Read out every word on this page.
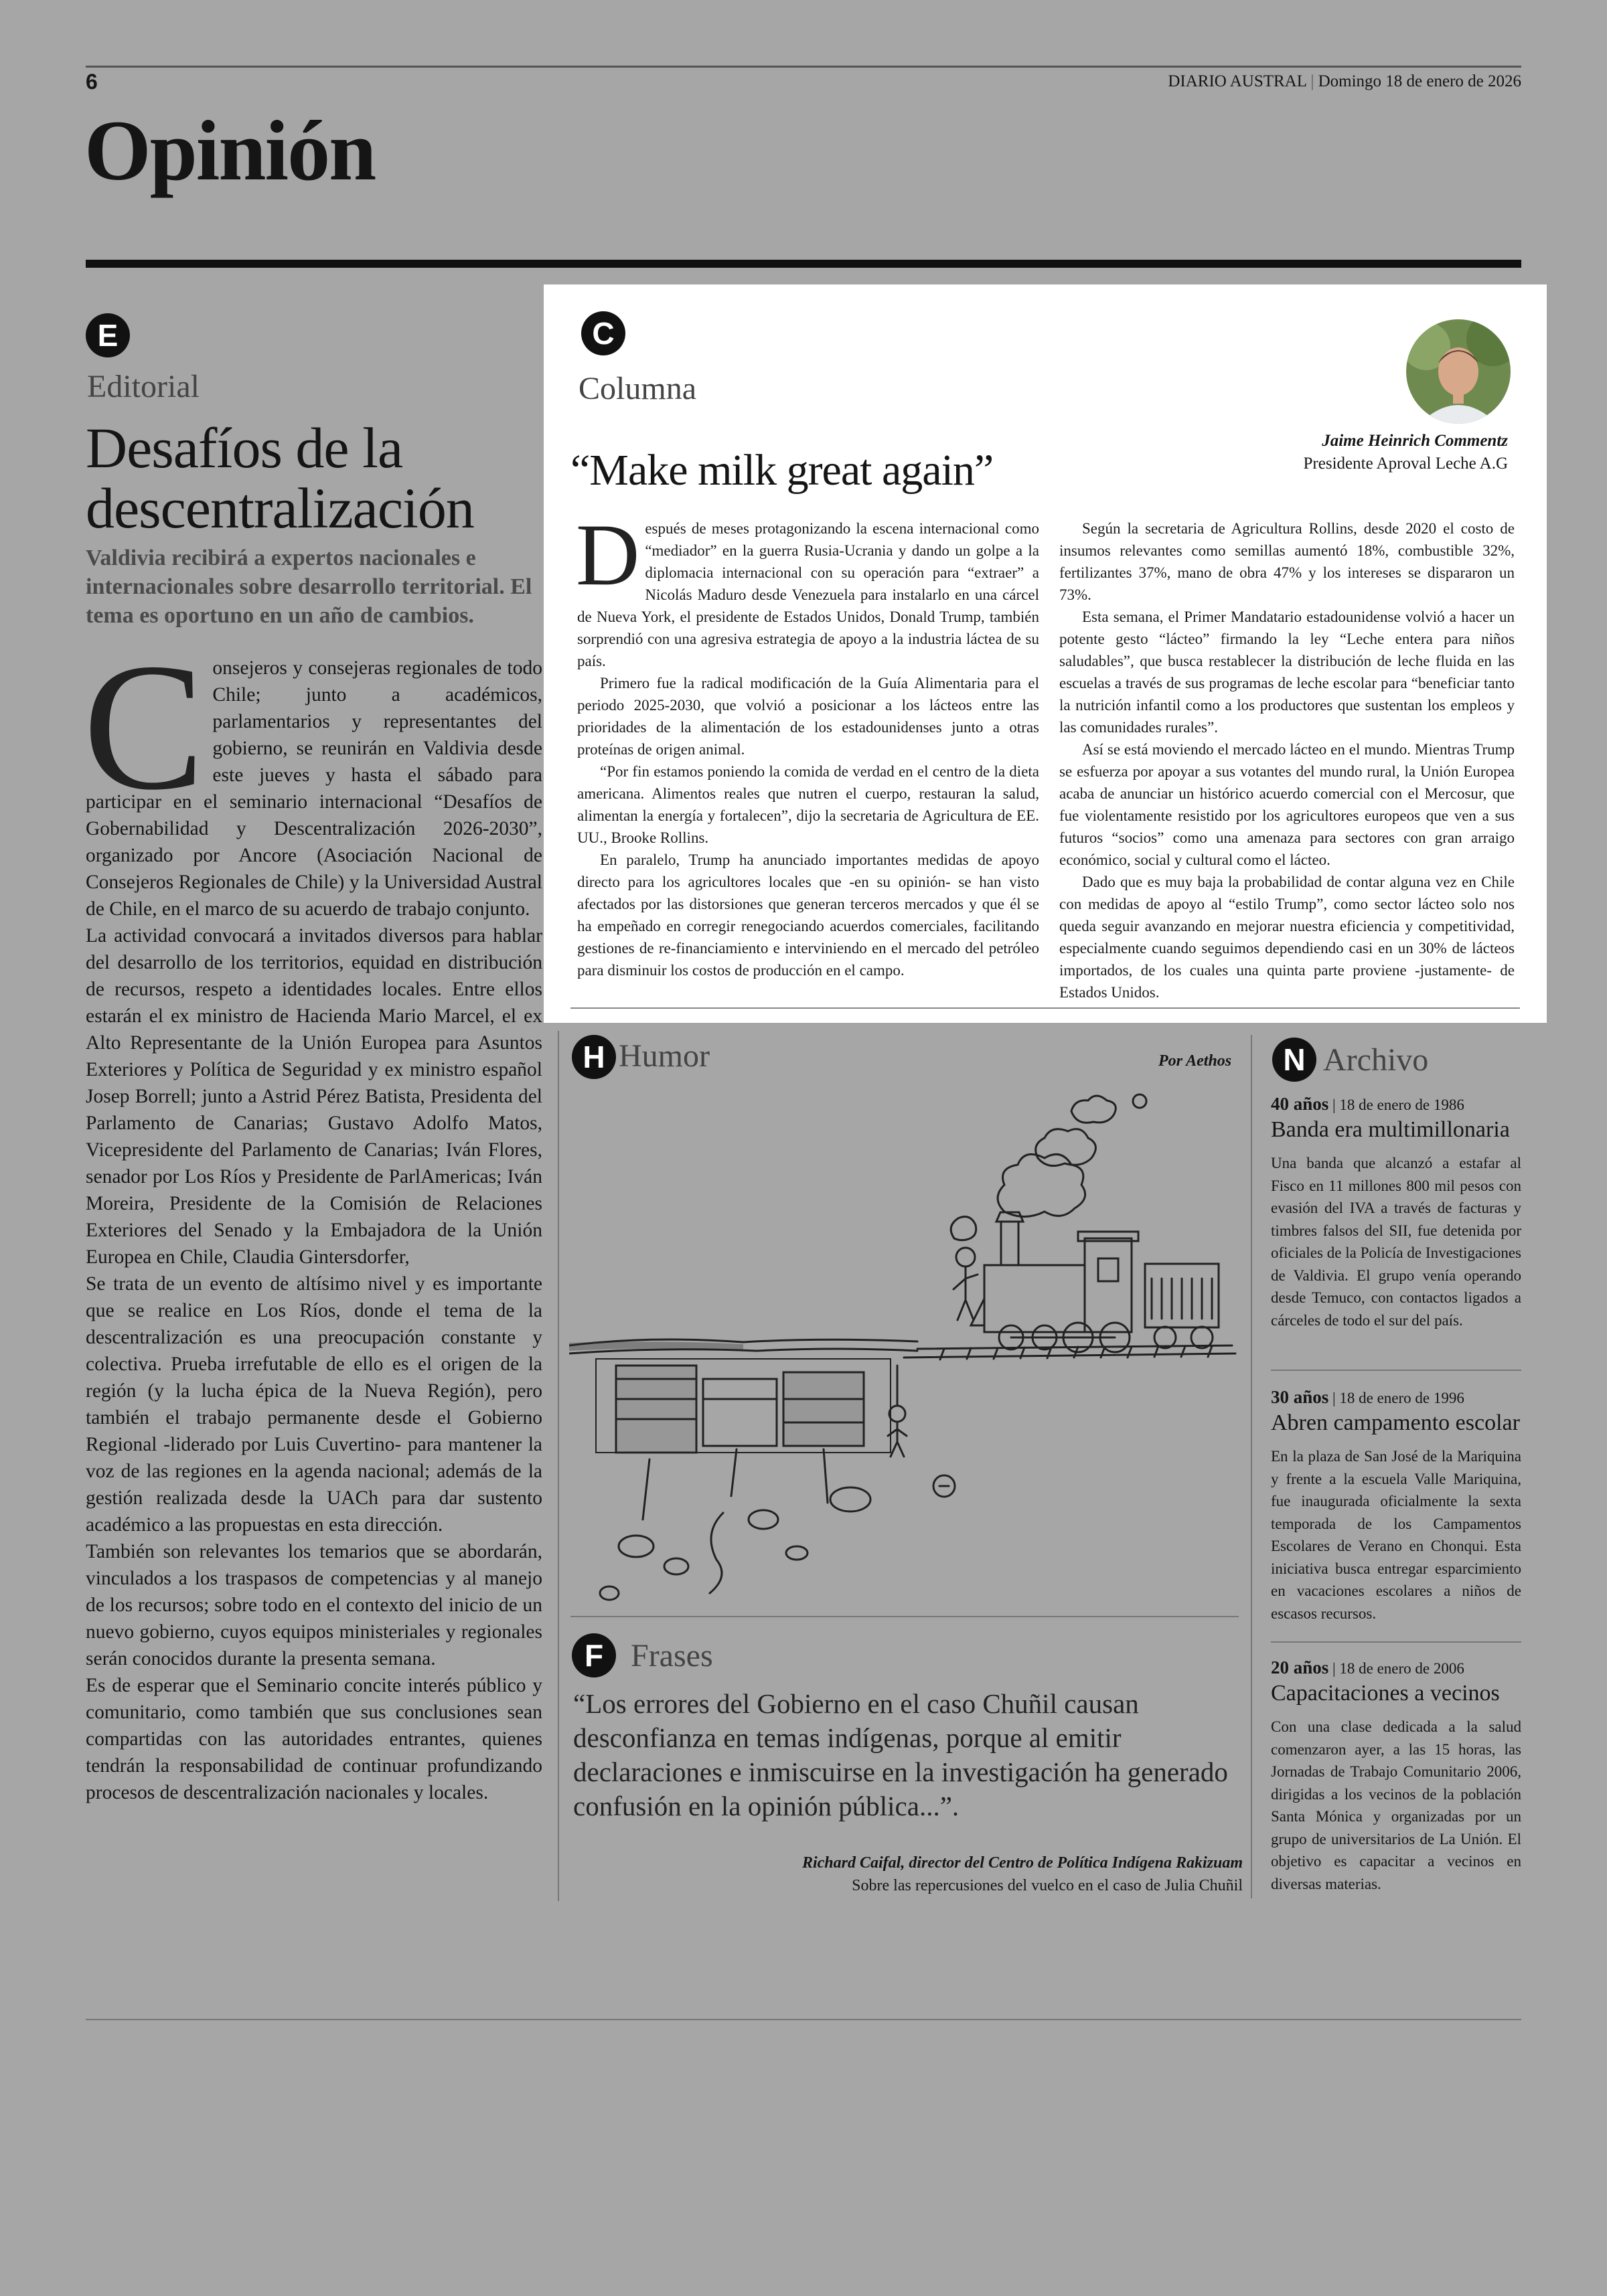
6	DIARIO AUSTRAL | Domingo 18 de enero de 2026
Opinión
E
Editorial
Desafíos de la
descentralización
Valdivia recibirá a expertos nacionales e internacionales sobre desarrollo territorial. El tema es oportuno en un año de cambios.
C onsejeros y consejeras regionales de todo Chile; junto a académicos, parlamentarios y representantes del gobierno, se reunirán en Valdivia desde este jueves y hasta el sábado para participar en el seminario internacional “Desafíos de Gobernabilidad y Descentralización 2026-2030”, organizado por Ancore (Asociación Nacional de Consejeros Regionales de Chile) y la Universidad Austral de Chile, en el marco de su acuerdo de trabajo conjunto.

La actividad convocará a invitados diversos para hablar del desarrollo de los territorios, equidad en distribución de recursos, respeto a identidades locales. Entre ellos estarán el ex ministro de Hacienda Mario Marcel, el ex Alto Representante de la Unión Europea para Asuntos Exteriores y Política de Seguridad y ex ministro español Josep Borrell; junto a Astrid Pérez Batista, Presidenta del Parlamento de Canarias; Gustavo Adolfo Matos, Vicepresidente del Parlamento de Canarias; Iván Flores, senador por Los Ríos y Presidente de ParlAmericas; Iván Moreira, Presidente de la Comisión de Relaciones Exteriores del Senado y la Embajadora de la Unión Europea en Chile, Claudia Gintersdorfer,

Se trata de un evento de altísimo nivel y es importante que se realice en Los Ríos, donde el tema de la descentralización es una preocupación constante y colectiva. Prueba irrefutable de ello es el origen de la región (y la lucha épica de la Nueva Región), pero también el trabajo permanente desde el Gobierno Regional -liderado por Luis Cuvertino- para mantener la voz de las regiones en la agenda nacional; además de la gestión realizada desde la UACh para dar sustento académico a las propuestas en esta dirección.

También son relevantes los temarios que se abordarán, vinculados a los traspasos de competencias y al manejo de los recursos; sobre todo en el contexto del inicio de un nuevo gobierno, cuyos equipos ministeriales y regionales serán conocidos durante la presenta semana.

Es de esperar que el Seminario concite interés público y comunitario, como también que sus conclusiones sean compartidas con las autoridades entrantes, quienes tendrán la responsabilidad de continuar profundizando procesos de descentralización nacionales y locales.

C
Columna
Jaime Heinrich Commentz
Presidente Aproval Leche A.G
“Make milk great again”
D espués de meses protagonizando la escena internacional como “mediador” en la guerra Rusia-Ucrania y dando un golpe a la diplomacia internacional con su operación para “extraer” a Nicolás Maduro desde Venezuela para instalarlo en una cárcel de Nueva York, el presidente de Estados Unidos, Donald Trump, también sorprendió con una agresiva estrategia de apoyo a la industria láctea de su país.

Primero fue la radical modificación de la Guía Alimentaria para el periodo 2025-2030, que volvió a posicionar a los lácteos entre las prioridades de la alimentación de los estadounidenses junto a otras proteínas de origen animal.

“Por fin estamos poniendo la comida de verdad en el centro de la dieta americana. Alimentos reales que nutren el cuerpo, restauran la salud, alimentan la energía y fortalecen”, dijo la secretaria de Agricultura de EE. UU., Brooke Rollins.

En paralelo, Trump ha anunciado importantes medidas de apoyo directo para los agricultores locales que -en su opinión- se han visto afectados por las distorsiones que generan terceros mercados y que él se ha empeñado en corregir renegociando acuerdos comerciales, facilitando gestiones de re-financiamiento e interviniendo en el mercado del petróleo para disminuir los costos de producción en el campo.

Según la secretaria de Agricultura Rollins, desde 2020 el costo de insumos relevantes como semillas aumentó 18%, combustible 32%, fertilizantes 37%, mano de obra 47% y los intereses se dispararon un 73%.

Esta semana, el Primer Mandatario estadounidense volvió a hacer un potente gesto “lácteo” firmando la ley “Leche entera para niños saludables”, que busca restablecer la distribución de leche fluida en las escuelas a través de sus programas de leche escolar para “beneficiar tanto la nutrición infantil como a los productores que sustentan los empleos y las comunidades rurales”.

Así se está moviendo el mercado lácteo en el mundo. Mientras Trump se esfuerza por apoyar a sus votantes del mundo rural, la Unión Europea acaba de anunciar un histórico acuerdo comercial con el Mercosur, que fue violentamente resistido por los agricultores europeos que ven a sus futuros “socios” como una amenaza para sectores con gran arraigo económico, social y cultural como el lácteo.

Dado que es muy baja la probabilidad de contar alguna vez en Chile con medidas de apoyo al “estilo Trump”, como sector lácteo solo nos queda seguir avanzando en mejorar nuestra eficiencia y competitividad, especialmente cuando seguimos dependiendo casi en un 30% de lácteos importados, de los cuales una quinta parte proviene -justamente- de Estados Unidos.

H Humor	Por Aethos
F Frases
“Los errores del Gobierno en el caso Chuñil causan desconfianza en temas indígenas, porque al emitir declaraciones e inmiscuirse en la investigación ha generado confusión en la opinión pública...”.
Richard Caifal, director del Centro de Política Indígena Rakizuam
Sobre las repercusiones del vuelco en el caso de Julia Chuñil
N Archivo
40 años | 18 de enero de 1986
Banda era multimillonaria

Una banda que alcanzó a estafar al Fisco en 11 millones 800 mil pesos con evasión del IVA a través de facturas y timbres falsos del SII, fue detenida por oficiales de la Policía de Investigaciones de Valdivia. El grupo venía operando desde Temuco, con contactos ligados a cárceles de todo el sur del país.

30 años | 18 de enero de 1996
Abren campamento escolar

En la plaza de San José de la Mariquina y frente a la escuela Valle Mariquina, fue inaugurada oficialmente la sexta temporada de los Campamentos Escolares de Verano en Chonqui. Esta iniciativa busca entregar esparcimiento en vacaciones escolares a niños de escasos recursos.

20 años | 18 de enero de 2006
Capacitaciones a vecinos

Con una clase dedicada a la salud comenzaron ayer, a las 15 horas, las Jornadas de Trabajo Comunitario 2006, dirigidas a los vecinos de la población Santa Mónica y organizadas por un grupo de universitarios de La Unión. El objetivo es capacitar a vecinos en diversas materias.
